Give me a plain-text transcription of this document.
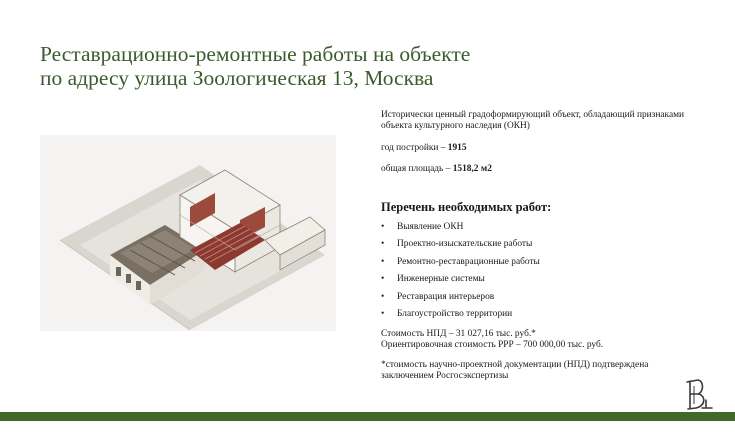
Реставрационно-ремонтные работы на объекте
по адресу улица Зоологическая 13, Москва

Исторически ценный градоформирующий объект, обладающий признаками объекта культурного наследия (ОКН)

год постройки – 1915

общая площадь – 1518,2 м2

Перечень необходимых работ:
• Выявление ОКН
• Проектно-изыскательские работы
• Ремонтно-реставрационные работы
• Инженерные системы
• Реставрация интерьеров
• Благоустройство территории

Стоимость НПД – 31 027,16 тыс. руб.*

Ориентировочная стоимость РРР – 700 000,00 тыс. руб.

*стоимость научно-проектной документации (НПД) подтверждена заключением Росгосэкспертизы
